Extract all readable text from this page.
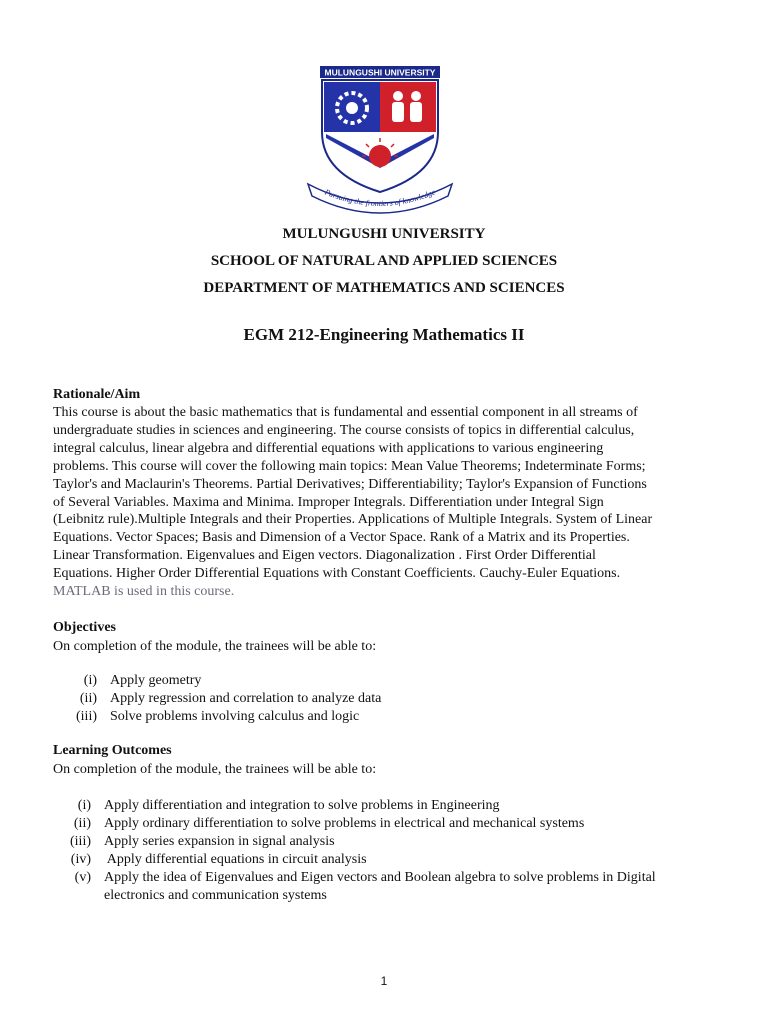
MULUNGUSHI UNIVERSITY
Pursuing the frontiers of knowledge
MULUNGUSHI UNIVERSITY
SCHOOL OF NATURAL AND APPLIED SCIENCES
DEPARTMENT OF MATHEMATICS AND SCIENCES
EGM 212-Engineering Mathematics II
Rationale/Aim
This course is about the basic mathematics that is fundamental and essential component in all streams of
undergraduate studies in sciences and engineering. The course consists of topics in differential calculus,
integral calculus, linear algebra and differential equations with applications to various engineering
problems. This course will cover the following main topics: Mean Value Theorems; Indeterminate Forms;
Taylor's and Maclaurin's Theorems. Partial Derivatives; Differentiability; Taylor's Expansion of Functions
of Several Variables. Maxima and Minima. Improper Integrals. Differentiation under Integral Sign
(Leibnitz rule).Multiple Integrals and their Properties. Applications of Multiple Integrals. System of Linear
Equations. Vector Spaces; Basis and Dimension of a Vector Space. Rank of a Matrix and its Properties.
Linear Transformation. Eigenvalues and Eigen vectors. Diagonalization . First Order Differential
Equations. Higher Order Differential Equations with Constant Coefficients. Cauchy-Euler Equations.
MATLAB is used in this course.
Objectives
On completion of the module, the trainees will be able to:
(i) Apply geometry
(ii) Apply regression and correlation to analyze data
(iii) Solve problems involving calculus and logic
Learning Outcomes
On completion of the module, the trainees will be able to:
(i) Apply differentiation and integration to solve problems in Engineering
(ii) Apply ordinary differentiation to solve problems in electrical and mechanical systems
(iii) Apply series expansion in signal analysis
(iv) Apply differential equations in circuit analysis
(v) Apply the idea of Eigenvalues and Eigen vectors and Boolean algebra to solve problems in Digital
electronics and communication systems
1
